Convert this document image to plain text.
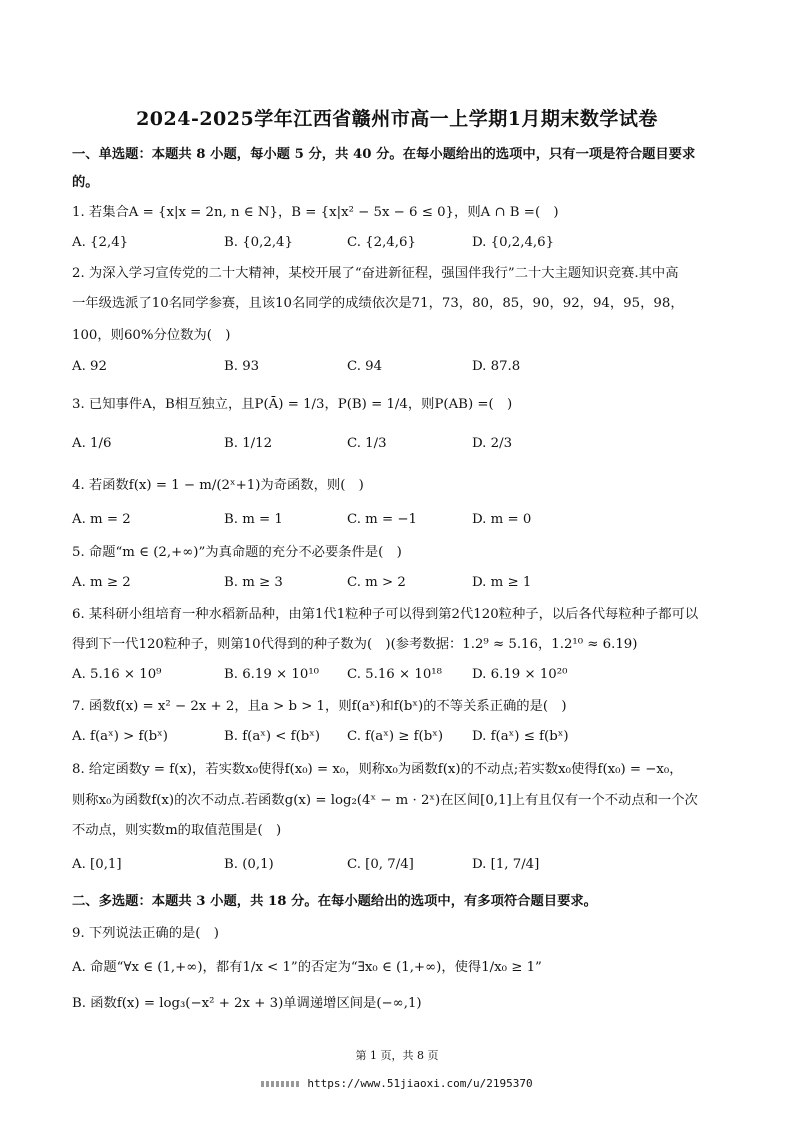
2024-2025学年江西省赣州市高一上学期1月期末数学试卷
一、单选题：本题共 8 小题，每小题 5 分，共 40 分。在每小题给出的选项中，只有一项是符合题目要求
的。
1. 若集合A = {x|x = 2n, n ∈ N}，B = {x|x² − 5x − 6 ≤ 0}，则A ∩ B =(　)
A. {2,4}	B. {0,2,4}	C. {2,4,6}	D. {0,2,4,6}
2. 为深入学习宣传党的二十大精神，某校开展了“奋进新征程，强国伴我行”二十大主题知识竞赛.其中高
一年级选派了10名同学参赛，且该10名同学的成绩依次是71，73，80，85，90，92，94，95，98，
100，则60%分位数为(　)
A. 92	B. 93	C. 94	D. 87.8
3. 已知事件A，B相互独立，且P(Ā) = 1/3，P(B) = 1/4，则P(AB) =(　)
A. 1/6	B. 1/12	C. 1/3	D. 2/3
4. 若函数f(x) = 1 − m/(2ˣ+1)为奇函数，则(　)
A. m = 2	B. m = 1	C. m = −1	D. m = 0
5. 命题“m ∈ (2,+∞)”为真命题的充分不必要条件是(　)
A. m ≥ 2	B. m ≥ 3	C. m > 2	D. m ≥ 1
6. 某科研小组培育一种水稻新品种，由第1代1粒种子可以得到第2代120粒种子，以后各代每粒种子都可以
得到下一代120粒种子，则第10代得到的种子数为(　)(参考数据：1.2⁹ ≈ 5.16，1.2¹⁰ ≈ 6.19)
A. 5.16 × 10⁹	B. 6.19 × 10¹⁰ C. 5.16 × 10¹⁸ D. 6.19 × 10²⁰
7. 函数f(x) = x² − 2x + 2，且a > b > 1，则f(aˣ)和f(bˣ)的不等关系正确的是(　)
A. f(aˣ) > f(bˣ)	B. f(aˣ) < f(bˣ) C. f(aˣ) ≥ f(bˣ) D. f(aˣ) ≤ f(bˣ)
8. 给定函数y = f(x)，若实数x₀使得f(x₀) = x₀，则称x₀为函数f(x)的不动点;若实数x₀使得f(x₀) = −x₀，
则称x₀为函数f(x)的次不动点.若函数g(x) = log₂(4ˣ − m · 2ˣ)在区间[0,1]上有且仅有一个不动点和一个次
不动点，则实数m的取值范围是(　)
A. [0,1]	B. (0,1)	C. [0, 7/4]	D. [1, 7/4]
二、多选题：本题共 3 小题，共 18 分。在每小题给出的选项中，有多项符合题目要求。
9. 下列说法正确的是(　)
A. 命题“∀x ∈ (1,+∞)，都有1/x < 1”的否定为“∃x₀ ∈ (1,+∞)，使得1/x₀ ≥ 1”
B. 函数f(x) = log₃(−x² + 2x + 3)单调递增区间是(−∞,1)
第 1 页，共 8 页
https://www.51jiaoxi.com/u/2195370
